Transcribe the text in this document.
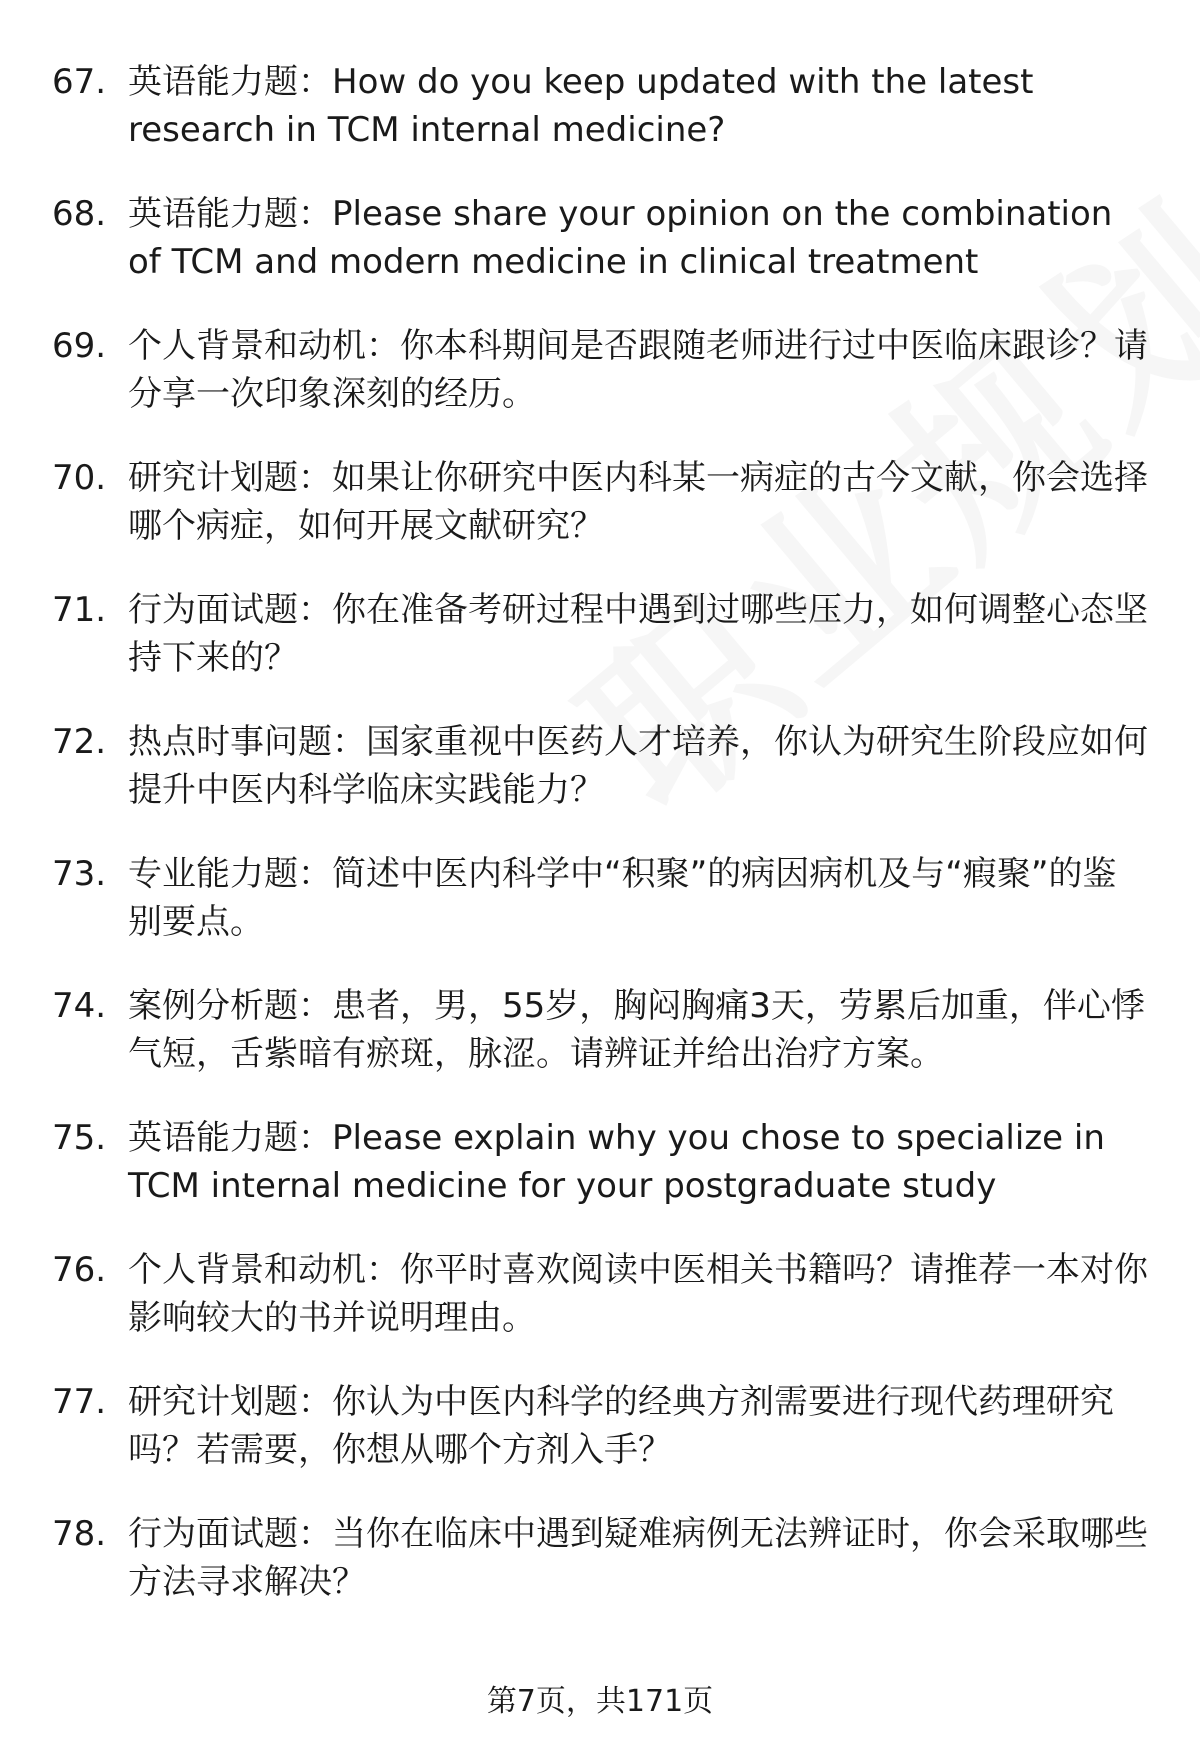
67. 英语能力题：How do you keep updated with the latest research in TCM internal medicine?
68. 英语能力题：Please share your opinion on the combination of TCM and modern medicine in clinical treatment
69. 个人背景和动机：你本科期间是否跟随老师进行过中医临床跟诊？请分享一次印象深刻的经历。
70. 研究计划题：如果让你研究中医内科某一病症的古今文献，你会选择哪个病症，如何开展文献研究？
71. 行为面试题：你在准备考研过程中遇到过哪些压力，如何调整心态坚持下来的？
72. 热点时事问题：国家重视中医药人才培养，你认为研究生阶段应如何提升中医内科学临床实践能力？
73. 专业能力题：简述中医内科学中“积聚”的病因病机及与“瘕聚”的鉴别要点。
74. 案例分析题：患者，男，55岁，胸闷胸痛3天，劳累后加重，伴心悸气短，舌紫暗有瘀斑，脉涩。请辨证并给出治疗方案。
75. 英语能力题：Please explain why you chose to specialize in TCM internal medicine for your postgraduate study
76. 个人背景和动机：你平时喜欢阅读中医相关书籍吗？请推荐一本对你影响较大的书并说明理由。
77. 研究计划题：你认为中医内科学的经典方剂需要进行现代药理研究吗？若需要，你想从哪个方剂入手？
78. 行为面试题：当你在临床中遇到疑难病例无法辨证时，你会采取哪些方法寻求解决？
第7页，共171页
